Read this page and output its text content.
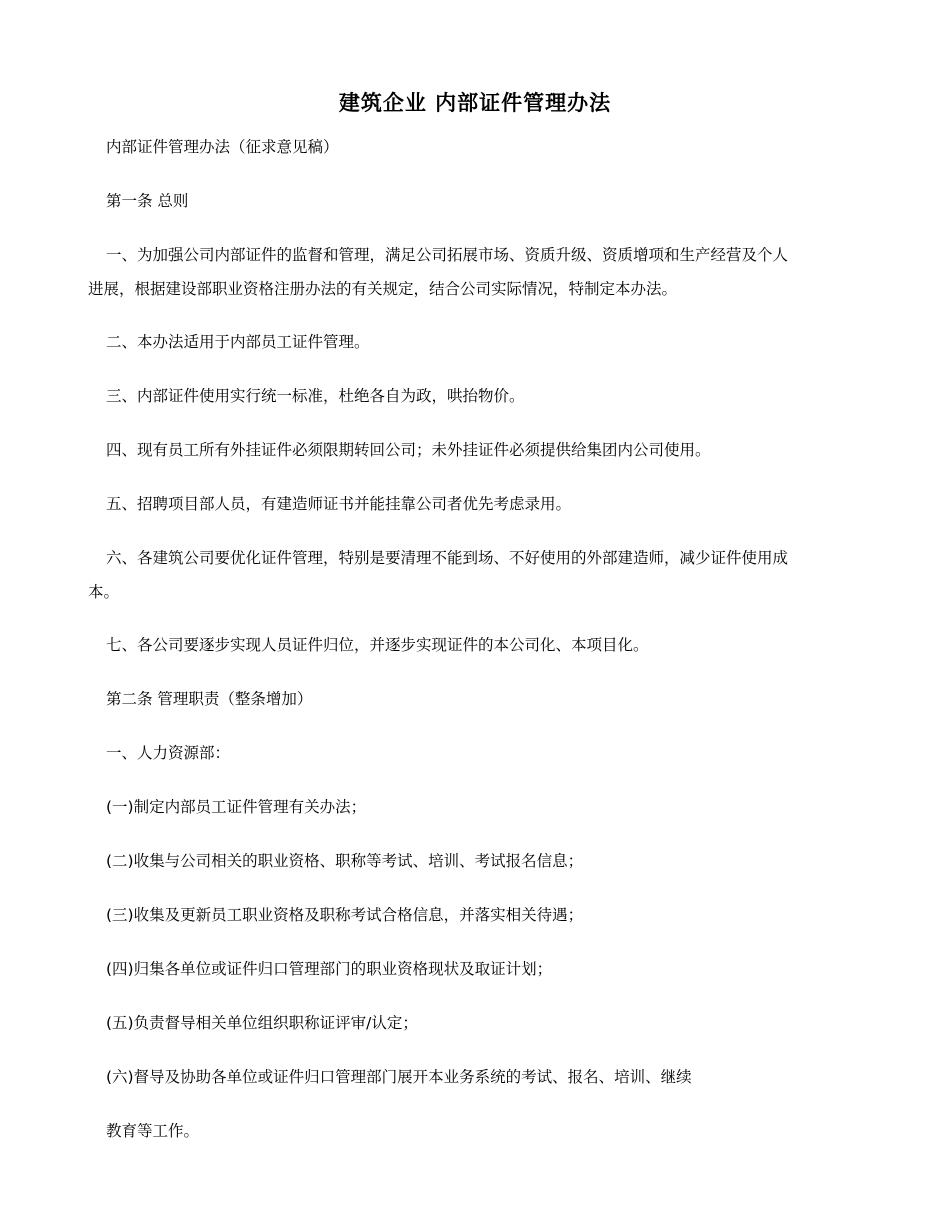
建筑企业 内部证件管理办法
内部证件管理办法（征求意见稿）
第一条 总则
一、为加强公司内部证件的监督和管理，满足公司拓展市场、资质升级、资质增项和生产经营及个人
进展，根据建设部职业资格注册办法的有关规定，结合公司实际情况，特制定本办法。
二、本办法适用于内部员工证件管理。
三、内部证件使用实行统一标准，杜绝各自为政，哄抬物价。
四、现有员工所有外挂证件必须限期转回公司；未外挂证件必须提供给集团内公司使用。
五、招聘项目部人员，有建造师证书并能挂靠公司者优先考虑录用。
六、各建筑公司要优化证件管理，特别是要清理不能到场、不好使用的外部建造师，减少证件使用成
本。
七、各公司要逐步实现人员证件归位，并逐步实现证件的本公司化、本项目化。
第二条 管理职责（整条增加）
一、人力资源部：
(一)制定内部员工证件管理有关办法；
(二)收集与公司相关的职业资格、职称等考试、培训、考试报名信息；
(三)收集及更新员工职业资格及职称考试合格信息，并落实相关待遇；
(四)归集各单位或证件归口管理部门的职业资格现状及取证计划；
(五)负责督导相关单位组织职称证评审/认定；
(六)督导及协助各单位或证件归口管理部门展开本业务系统的考试、报名、培训、继续
教育等工作。
